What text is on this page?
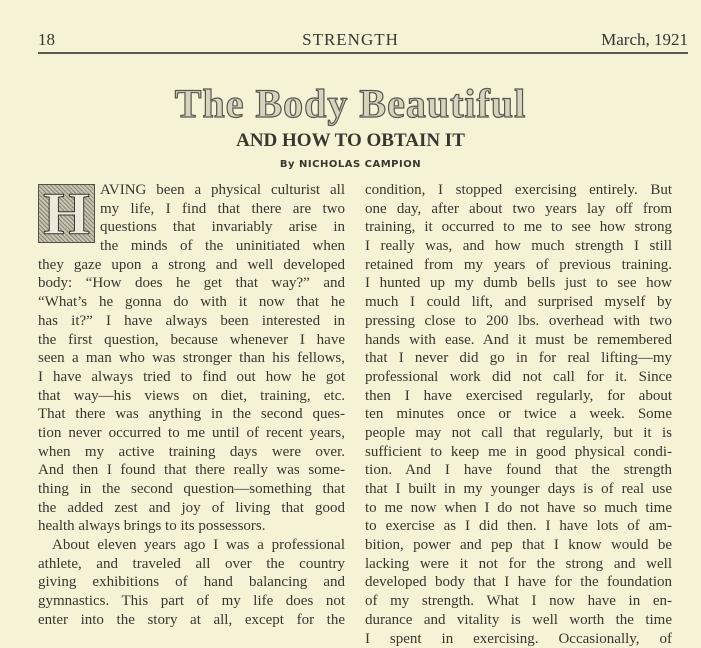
18	STRENGTH	March, 1921
The Body Beautiful
AND HOW TO OBTAIN IT
By NICHOLAS CAMPION
H AVING been a physical culturist all
my life, I find that there are two
questions that invariably arise in
the minds of the uninitiated when
they gaze upon a strong and well developed
body: “How does he get that way?” and
“What’s he gonna do with it now that he
has it?” I have always been interested in
the first question, because whenever I have
seen a man who was stronger than his fellows,
I have always tried to find out how he got
that way—his views on diet, training, etc.
That there was anything in the second ques-
tion never occurred to me until of recent years,
when my active training days were over.
And then I found that there really was some-
thing in the second question—something that
the added zest and joy of living that good
health always brings to its possessors.
About eleven years ago I was a professional
athlete, and traveled all over the country
giving exhibitions of hand balancing and
gymnastics. This part of my life does not
enter into the story at all, except for the
condition, I stopped exercising entirely. But
one day, after about two years lay off from
training, it occurred to me to see how strong
I really was, and how much strength I still
retained from my years of previous training.
I hunted up my dumb bells just to see how
much I could lift, and surprised myself by
pressing close to 200 lbs. overhead with two
hands with ease. And it must be remembered
that I never did go in for real lifting—my
professional work did not call for it. Since
then I have exercised regularly, for about
ten minutes once or twice a week. Some
people may not call that regularly, but it is
sufficient to keep me in good physical condi-
tion. And I have found that the strength
that I built in my younger days is of real use
to me now when I do not have so much time
to exercise as I did then. I have lots of am-
bition, power and pep that I know would be
lacking were it not for the strong and well
developed body that I have for the foundation
of my strength. What I now have in en-
durance and vitality is well worth the time
I spent in exercising. Occasionally, of
